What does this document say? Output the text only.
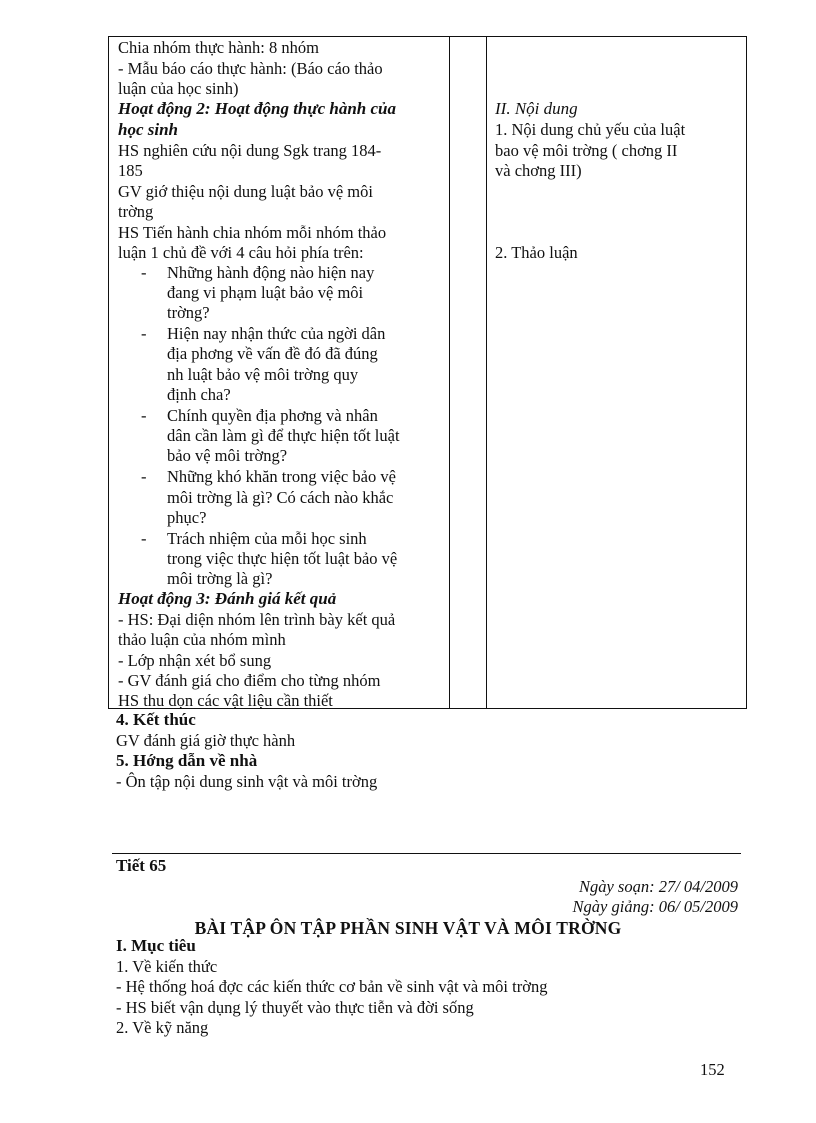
Chia nhóm thực hành: 8 nhóm
- Mẫu báo cáo thực hành: (Báo cáo thảo
luận của học sinh)
Hoạt động 2: Hoạt động thực hành của
học sinh
HS nghiên cứu nội dung Sgk trang 184-
185
GV giớ thiệu nội dung luật bảo vệ môi
trờng
HS Tiến hành chia nhóm mỗi nhóm thảo
luận 1 chủ đề với 4 câu hỏi phía trên:
- Những hành động nào hiện nay
đang vi phạm luật bảo vệ môi
trờng?
- Hiện nay nhận thức của ngời dân
địa phơng về vấn đề đó đã đúng
nh luật bảo vệ môi trờng quy
định cha?
- Chính quyền địa phơng và nhân
dân cần làm gì để thực hiện tốt luật
bảo vệ môi trờng?
- Những khó khăn trong việc bảo vệ
môi trờng là gì? Có cách nào khắc
phục?
- Trách nhiệm của mỗi học sinh
trong việc thực hiện tốt luật bảo vệ
môi trờng là gì?
Hoạt động 3: Đánh giá kết quả
- HS: Đại diện nhóm lên trình bày kết quả
thảo luận của nhóm mình
- Lớp nhận xét bổ sung
- GV đánh giá cho điểm cho từng nhóm
HS thu dọn các vật liệu cần thiết
II. Nội dung
1. Nội dung chủ yếu của luật
bao vệ môi trờng ( chơng II
và chơng III)
2. Thảo luận
4. Kết thúc
GV đánh giá giờ thực hành
5. Hớng dẫn về nhà
- Ôn tập nội dung sinh vật và môi trờng
Tiết 65
Ngày soạn: 27/ 04/2009
Ngày giảng: 06/ 05/2009
BÀI TẬP ÔN TẬP PHẦN SINH VẬT VÀ MÔI TRỜNG
I. Mục tiêu
1. Về kiến thức
- Hệ thống hoá đợc các kiến thức cơ bản về sinh vật và môi trờng
- HS biết vận dụng lý thuyết vào thực tiễn và đời sống
2. Về kỹ năng
152
